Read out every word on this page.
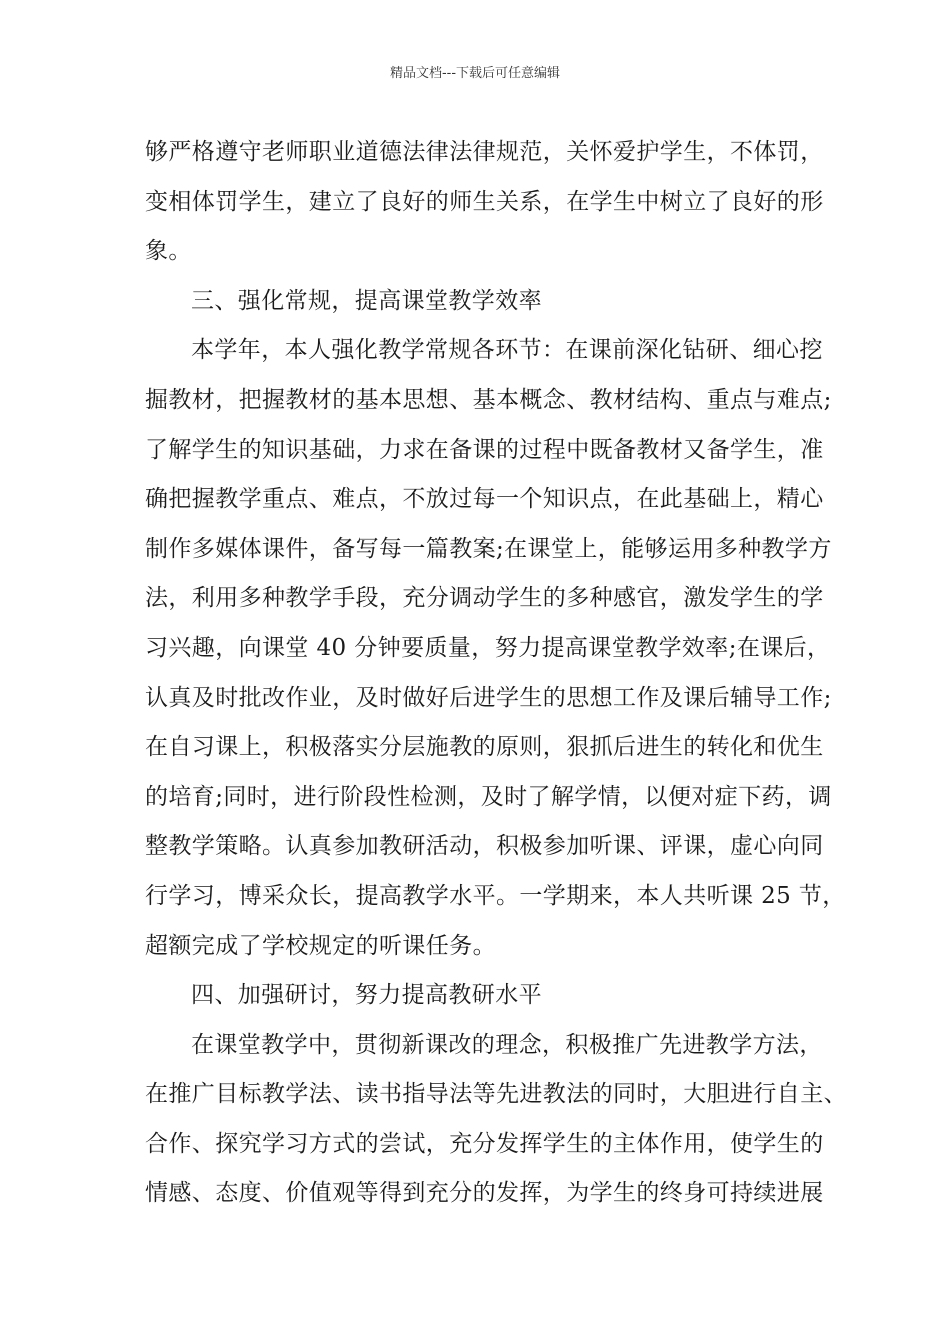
精品文档---下载后可任意编辑
够严格遵守老师职业道德法律法律规范，关怀爱护学生，不体罚，
变相体罚学生，建立了良好的师生关系，在学生中树立了良好的形
象。
三、强化常规，提高课堂教学效率
本学年，本人强化教学常规各环节：在课前深化钻研、细心挖
掘教材，把握教材的基本思想、基本概念、教材结构、重点与难点;
了解学生的知识基础，力求在备课的过程中既备教材又备学生，准
确把握教学重点、难点，不放过每一个知识点，在此基础上，精心
制作多媒体课件，备写每一篇教案;在课堂上，能够运用多种教学方
法，利用多种教学手段，充分调动学生的多种感官，激发学生的学
习兴趣，向课堂 40 分钟要质量，努力提高课堂教学效率;在课后，
认真及时批改作业，及时做好后进学生的思想工作及课后辅导工作;
在自习课上，积极落实分层施教的原则，狠抓后进生的转化和优生
的培育;同时，进行阶段性检测，及时了解学情，以便对症下药，调
整教学策略。认真参加教研活动，积极参加听课、评课，虚心向同
行学习，博采众长，提高教学水平。一学期来，本人共听课 25 节，
超额完成了学校规定的听课任务。
四、加强研讨，努力提高教研水平
在课堂教学中，贯彻新课改的理念，积极推广先进教学方法，
在推广目标教学法、读书指导法等先进教法的同时，大胆进行自主、
合作、探究学习方式的尝试，充分发挥学生的主体作用，使学生的
情感、态度、价值观等得到充分的发挥，为学生的终身可持续进展
